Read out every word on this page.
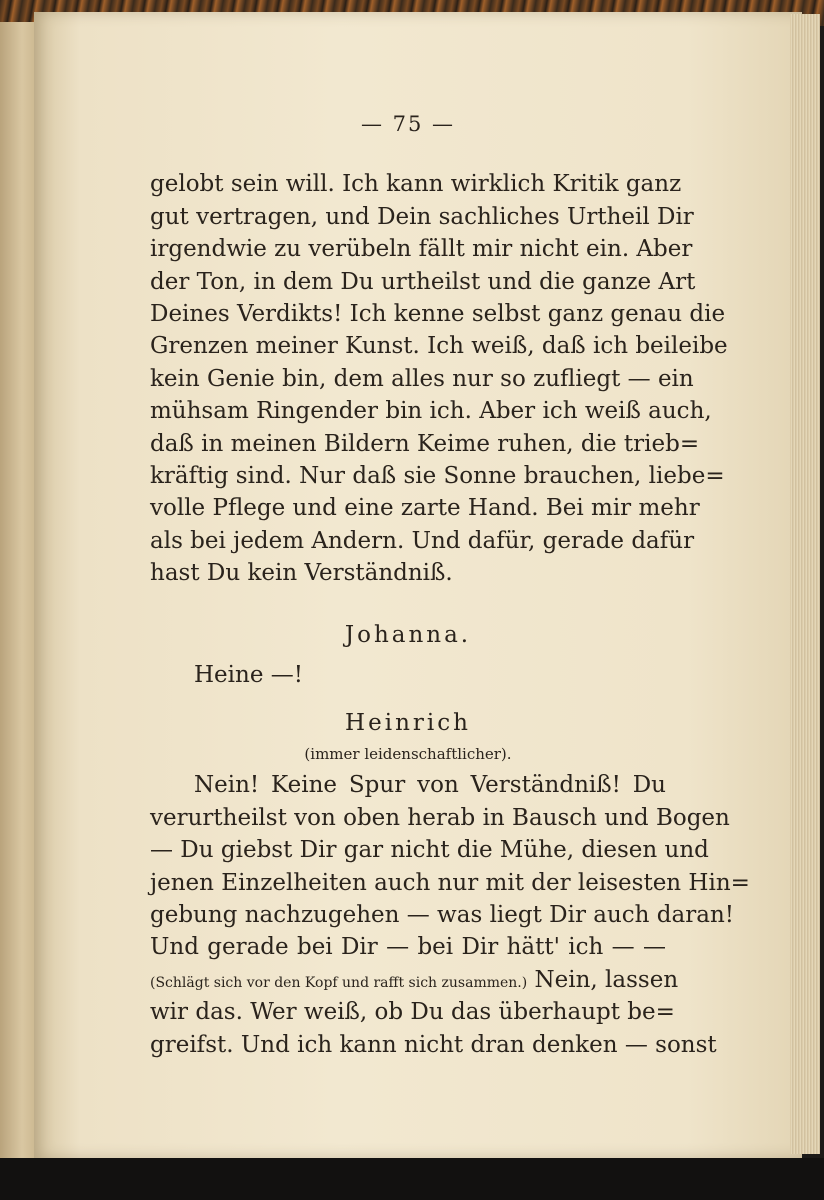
— 75 —
gelobt sein will. Ich kann wirklich Kritik ganz
gut vertragen, und Dein sachliches Urtheil Dir
irgendwie zu verübeln fällt mir nicht ein. Aber
der Ton, in dem Du urtheilst und die ganze Art
Deines Verdikts! Ich kenne selbst ganz genau die
Grenzen meiner Kunst. Ich weiß, daß ich beileibe
kein Genie bin, dem alles nur so zufliegt — ein
mühsam Ringender bin ich. Aber ich weiß auch,
daß in meinen Bildern Keime ruhen, die trieb=
kräftig sind. Nur daß sie Sonne brauchen, liebe=
volle Pflege und eine zarte Hand. Bei mir mehr
als bei jedem Andern. Und dafür, gerade dafür
hast Du kein Verständniß.
Johanna.
Heine —!
Heinrich
(immer leidenschaftlicher).
Nein! Keine Spur von Verständniß! Du
verurtheilst von oben herab in Bausch und Bogen
— Du giebst Dir gar nicht die Mühe, diesen und
jenen Einzelheiten auch nur mit der leisesten Hin=
gebung nachzugehen — was liegt Dir auch daran!
Und gerade bei Dir — bei Dir hätt' ich — —
(Schlägt sich vor den Kopf und rafft sich zusammen.) Nein, lassen
wir das. Wer weiß, ob Du das überhaupt be=
greifst. Und ich kann nicht dran denken — sonst
